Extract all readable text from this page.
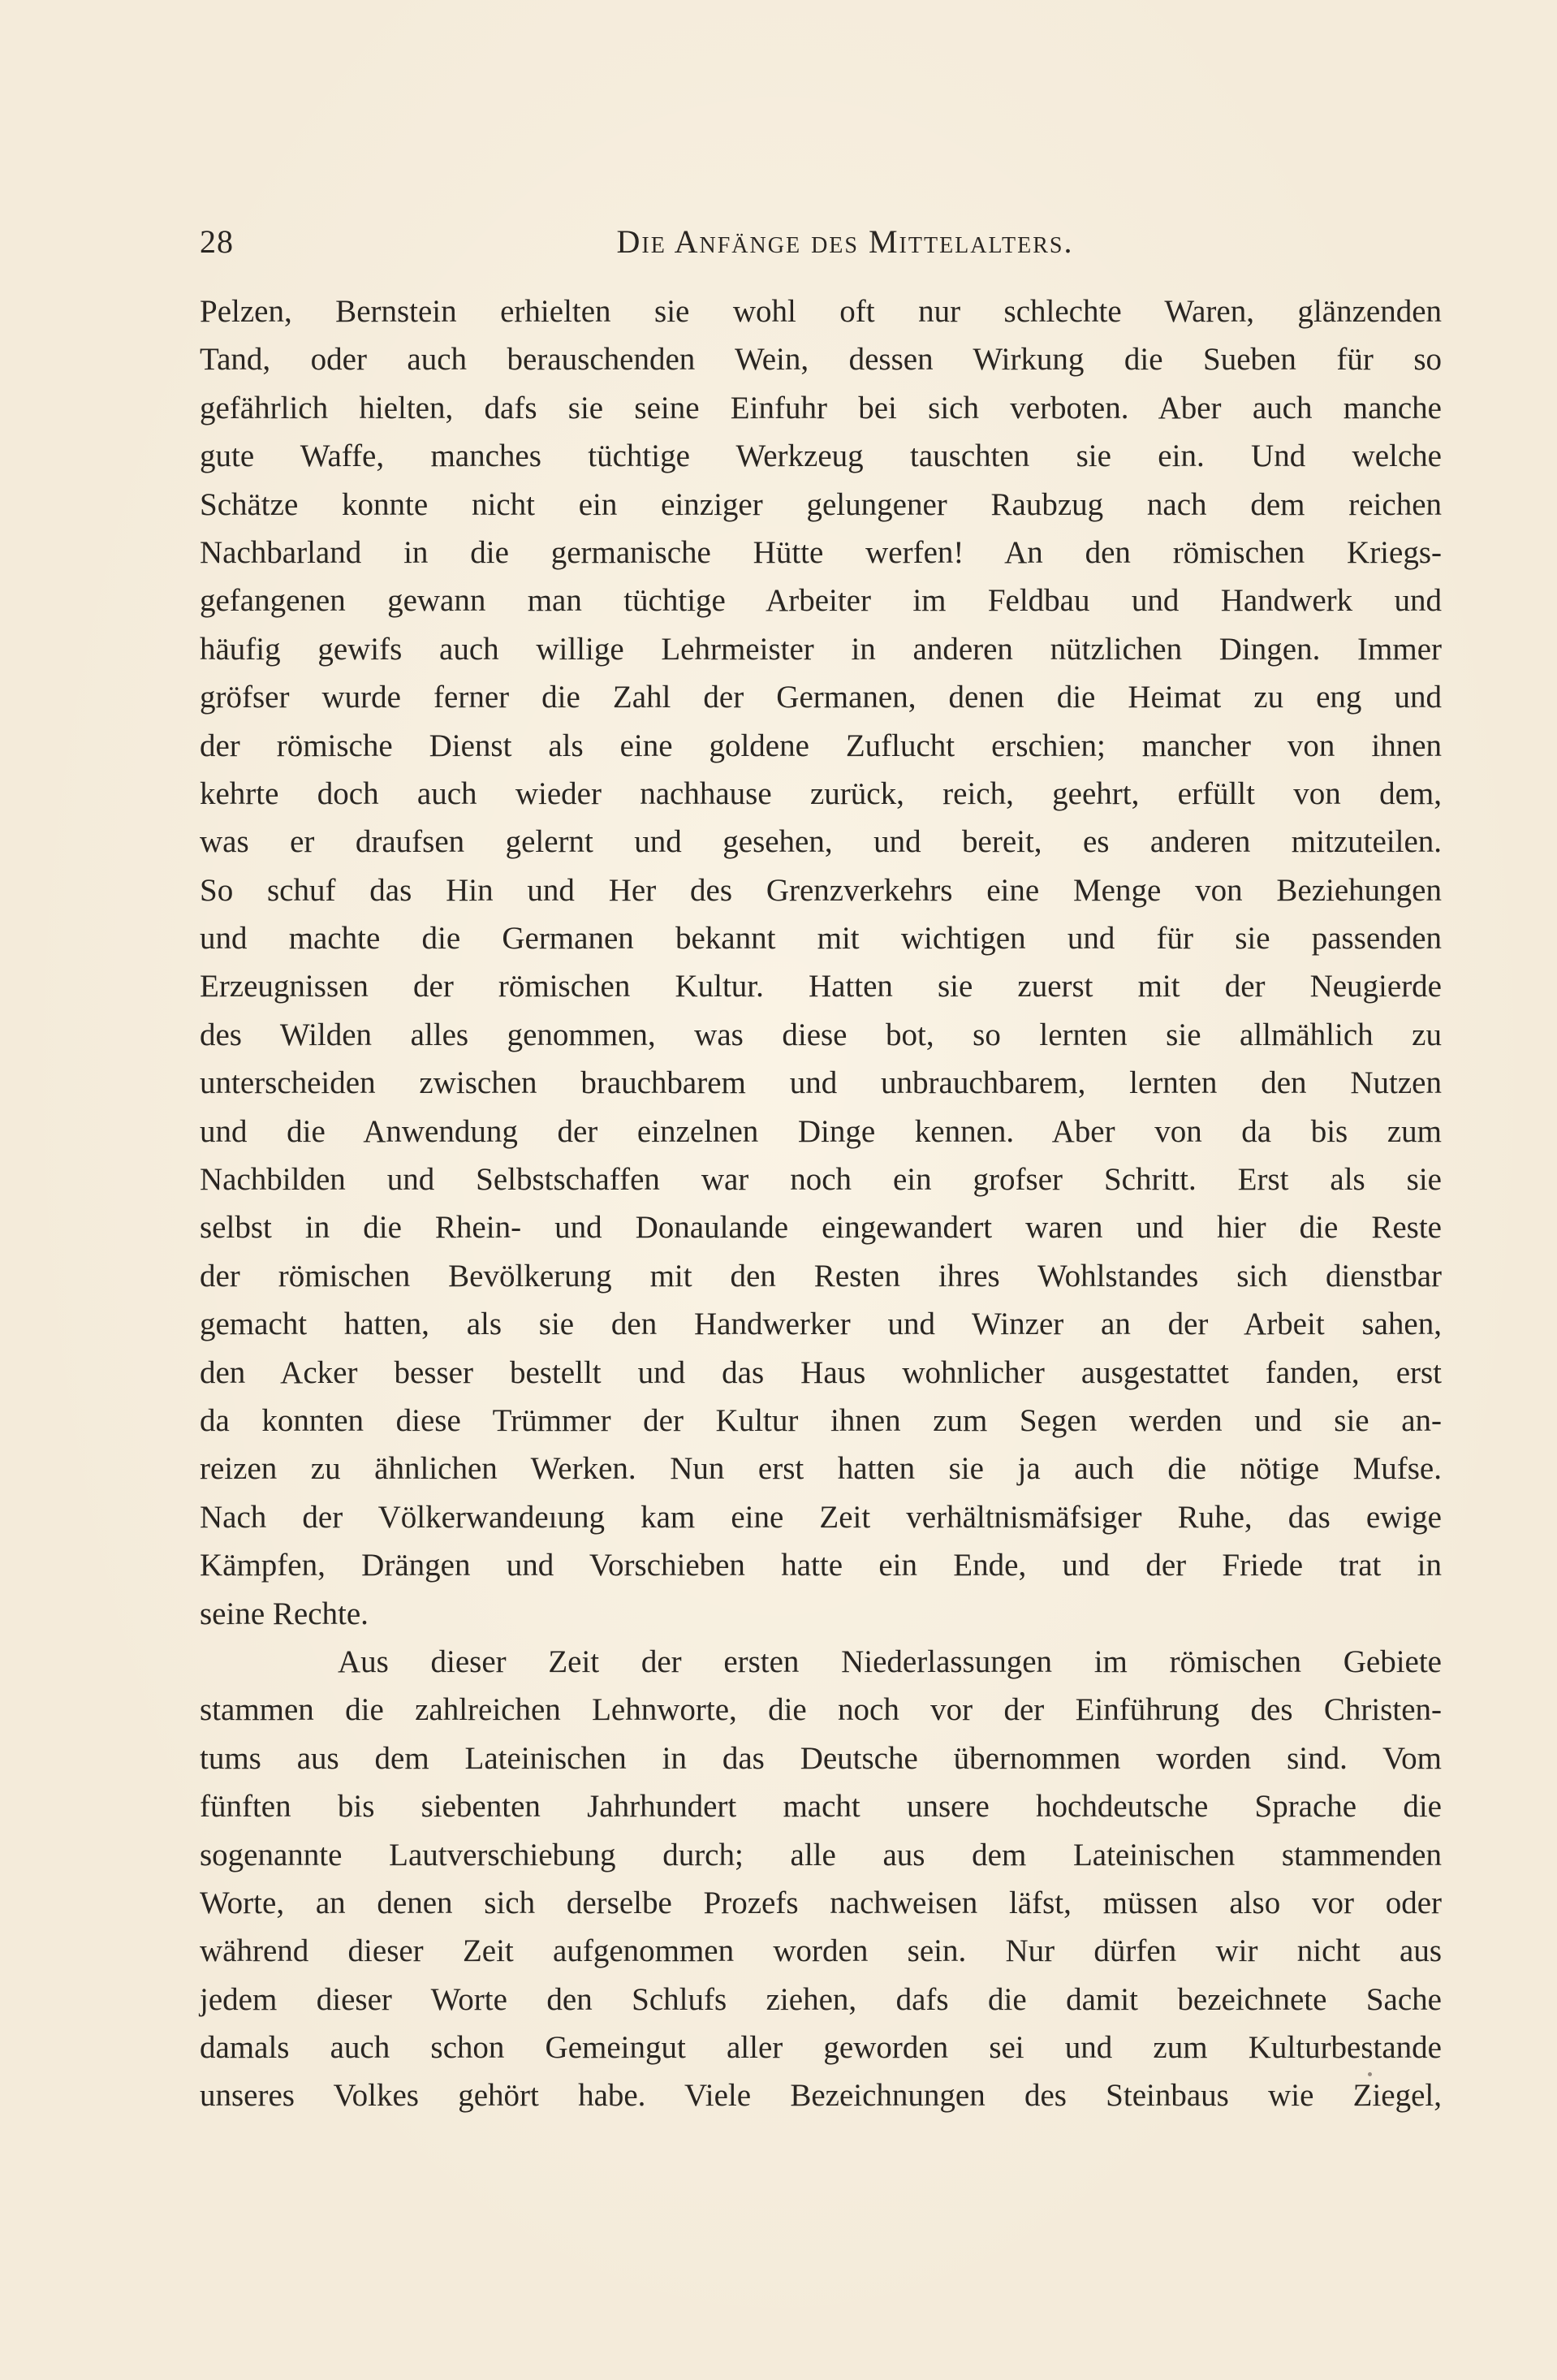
28	Die Anfänge des Mittelalters.
Pelzen, Bernstein erhielten sie wohl oft nur schlechte Waren, glänzenden
Tand, oder auch berauschenden Wein, dessen Wirkung die Sueben für so
gefährlich hielten, dafs sie seine Einfuhr bei sich verboten. Aber auch manche
gute Waffe, manches tüchtige Werkzeug tauschten sie ein. Und welche
Schätze konnte nicht ein einziger gelungener Raubzug nach dem reichen
Nachbarland in die germanische Hütte werfen! An den römischen Kriegs-
gefangenen gewann man tüchtige Arbeiter im Feldbau und Handwerk und
häufig gewifs auch willige Lehrmeister in anderen nützlichen Dingen. Immer
gröfser wurde ferner die Zahl der Germanen, denen die Heimat zu eng und
der römische Dienst als eine goldene Zuflucht erschien; mancher von ihnen
kehrte doch auch wieder nachhause zurück, reich, geehrt, erfüllt von dem,
was er draufsen gelernt und gesehen, und bereit, es anderen mitzuteilen.
So schuf das Hin und Her des Grenzverkehrs eine Menge von Beziehungen
und machte die Germanen bekannt mit wichtigen und für sie passenden
Erzeugnissen der römischen Kultur. Hatten sie zuerst mit der Neugierde
des Wilden alles genommen, was diese bot, so lernten sie allmählich zu
unterscheiden zwischen brauchbarem und unbrauchbarem, lernten den Nutzen
und die Anwendung der einzelnen Dinge kennen. Aber von da bis zum
Nachbilden und Selbstschaffen war noch ein grofser Schritt. Erst als sie
selbst in die Rhein- und Donaulande eingewandert waren und hier die Reste
der römischen Bevölkerung mit den Resten ihres Wohlstandes sich dienstbar
gemacht hatten, als sie den Handwerker und Winzer an der Arbeit sahen,
den Acker besser bestellt und das Haus wohnlicher ausgestattet fanden, erst
da konnten diese Trümmer der Kultur ihnen zum Segen werden und sie an-
reizen zu ähnlichen Werken. Nun erst hatten sie ja auch die nötige Mufse.
Nach der Völkerwandeıung kam eine Zeit verhältnismäfsiger Ruhe, das ewige
Kämpfen, Drängen und Vorschieben hatte ein Ende, und der Friede trat in
seine Rechte.
Aus dieser Zeit der ersten Niederlassungen im römischen Gebiete
stammen die zahlreichen Lehnworte, die noch vor der Einführung des Christen-
tums aus dem Lateinischen in das Deutsche übernommen worden sind. Vom
fünften bis siebenten Jahrhundert macht unsere hochdeutsche Sprache die
sogenannte Lautverschiebung durch; alle aus dem Lateinischen stammenden
Worte, an denen sich derselbe Prozefs nachweisen läfst, müssen also vor oder
während dieser Zeit aufgenommen worden sein. Nur dürfen wir nicht aus
jedem dieser Worte den Schlufs ziehen, dafs die damit bezeichnete Sache
damals auch schon Gemeingut aller geworden sei und zum Kulturbestande
unseres Volkes gehört habe. Viele Bezeichnungen des Steinbaus wie Ziegel,
